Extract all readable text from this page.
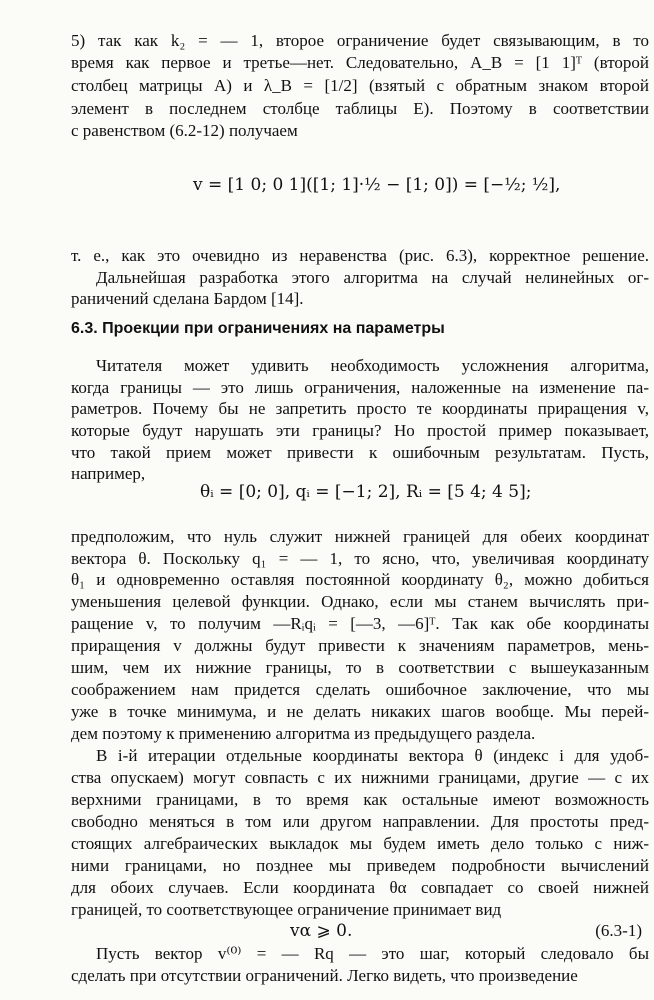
5) так как k₂ = — 1, второе ограничение будет связывающим, в то
время как первое и третье—нет. Следовательно, A_B = [1 1]ᵀ (второй
столбец матрицы A) и λ_B = [1/2] (взятый с обратным знаком второй
элемент в последнем столбце таблицы E). Поэтому в соответствии
с равенством (6.2-12) получаем
v = [1 0; 0 1]([1; 1]·½ − [1; 0]) = [−½; ½],
т. е., как это очевидно из неравенства (рис. 6.3), корректное решение.
Дальнейшая разработка этого алгоритма на случай нелинейных ог-
раничений сделана Бардом [14].
6.3. Проекции при ограничениях на параметры
Читателя может удивить необходимость усложнения алгоритма,
когда границы — это лишь ограничения, наложенные на изменение па-
раметров. Почему бы не запретить просто те координаты приращения v,
которые будут нарушать эти границы? Но простой пример показывает,
что такой прием может привести к ошибочным результатам. Пусть,
например,
θᵢ = [0; 0], qᵢ = [−1; 2], Rᵢ = [5 4; 4 5];
предположим, что нуль служит нижней границей для обеих координат
вектора θ. Поскольку q₁ = — 1, то ясно, что, увеличивая координату
θ₁ и одновременно оставляя постоянной координату θ₂, можно добиться
уменьшения целевой функции. Однако, если мы станем вычислять при-
ращение v, то получим —Rᵢqᵢ = [—3, —6]ᵀ. Так как обе координаты
приращения v должны будут привести к значениям параметров, мень-
шим, чем их нижние границы, то в соответствии с вышеуказанным
соображением нам придется сделать ошибочное заключение, что мы
уже в точке минимума, и не делать никаких шагов вообще. Мы перей-
дем поэтому к применению алгоритма из предыдущего раздела.
В i-й итерации отдельные координаты вектора θ (индекс i для удоб-
ства опускаем) могут совпасть с их нижними границами, другие — с их
верхними границами, в то время как остальные имеют возможность
свободно меняться в том или другом направлении. Для простоты пред-
стоящих алгебраических выкладок мы будем иметь дело только с ниж-
ними границами, но позднее мы приведем подробности вычислений
для обоих случаев. Если координата θα совпадает со своей нижней
границей, то соответствующее ограничение принимает вид
vα ⩾ 0.	(6.3-1)
Пусть вектор v⁽⁰⁾ = — Rq — это шаг, который следовало бы
сделать при отсутствии ограничений. Легко видеть, что произведение
